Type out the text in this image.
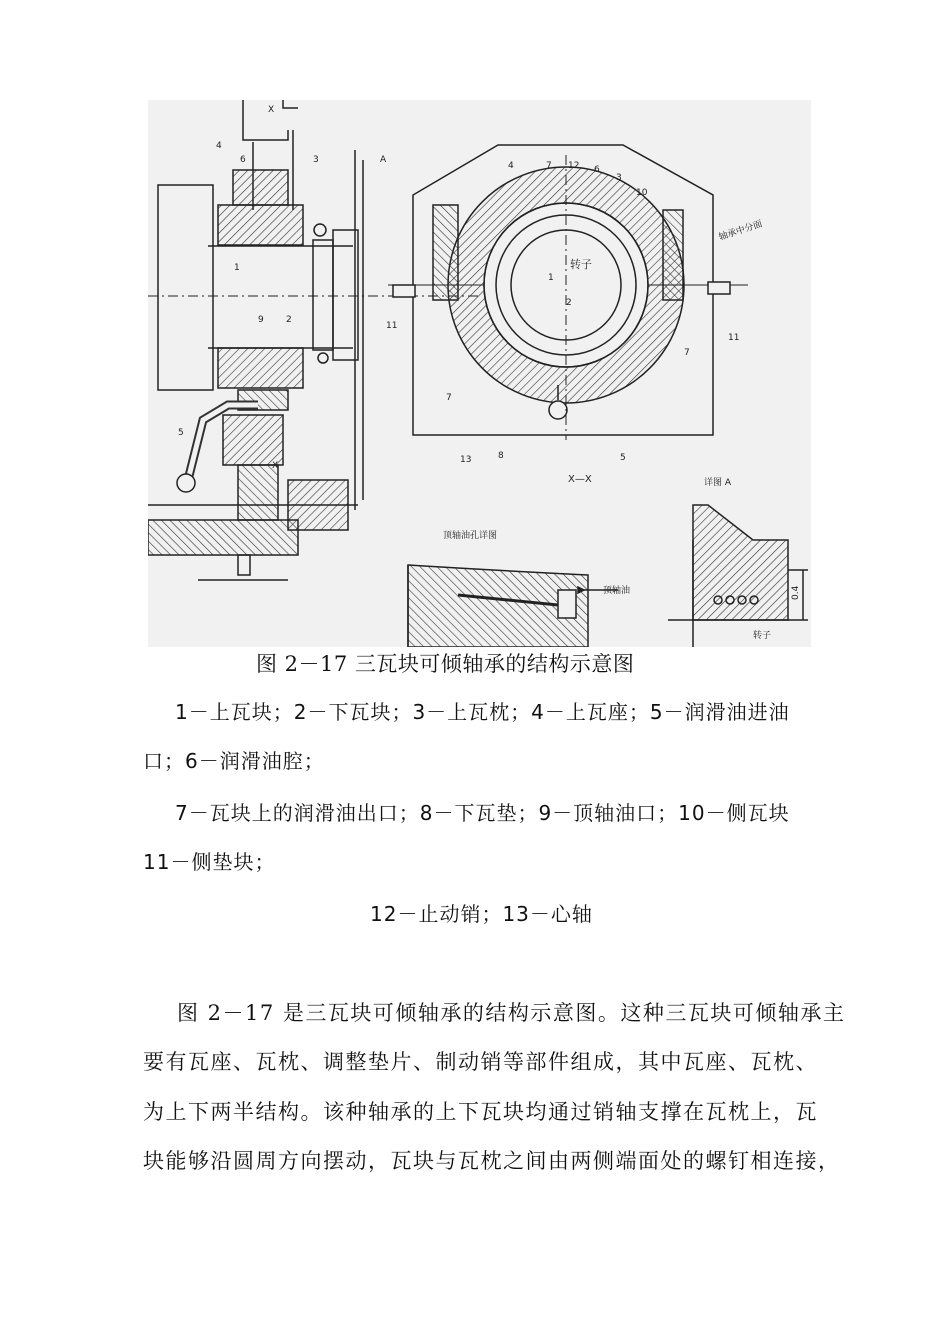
4
6	3
1
9 2
5
X
X
A
4	7 12 6
3
10
11
11
7
7
13	8	5
1
2
转子
轴承中分面
X—X	详图 A
转子
0.4
顶轴油孔详图
顶轴油
图 2－17 三瓦块可倾轴承的结构示意图
1－上瓦块；2－下瓦块；3－上瓦枕；4－上瓦座；5－润滑油进油
口；6－润滑油腔；
7－瓦块上的润滑油出口；8－下瓦垫；9－顶轴油口；10－侧瓦块
11－侧垫块；
12－止动销；13－心轴
图 2－17 是三瓦块可倾轴承的结构示意图。这种三瓦块可倾轴承主
要有瓦座、瓦枕、调整垫片、制动销等部件组成，其中瓦座、瓦枕、
为上下两半结构。该种轴承的上下瓦块均通过销轴支撑在瓦枕上，瓦
块能够沿圆周方向摆动，瓦块与瓦枕之间由两侧端面处的螺钉相连接，
